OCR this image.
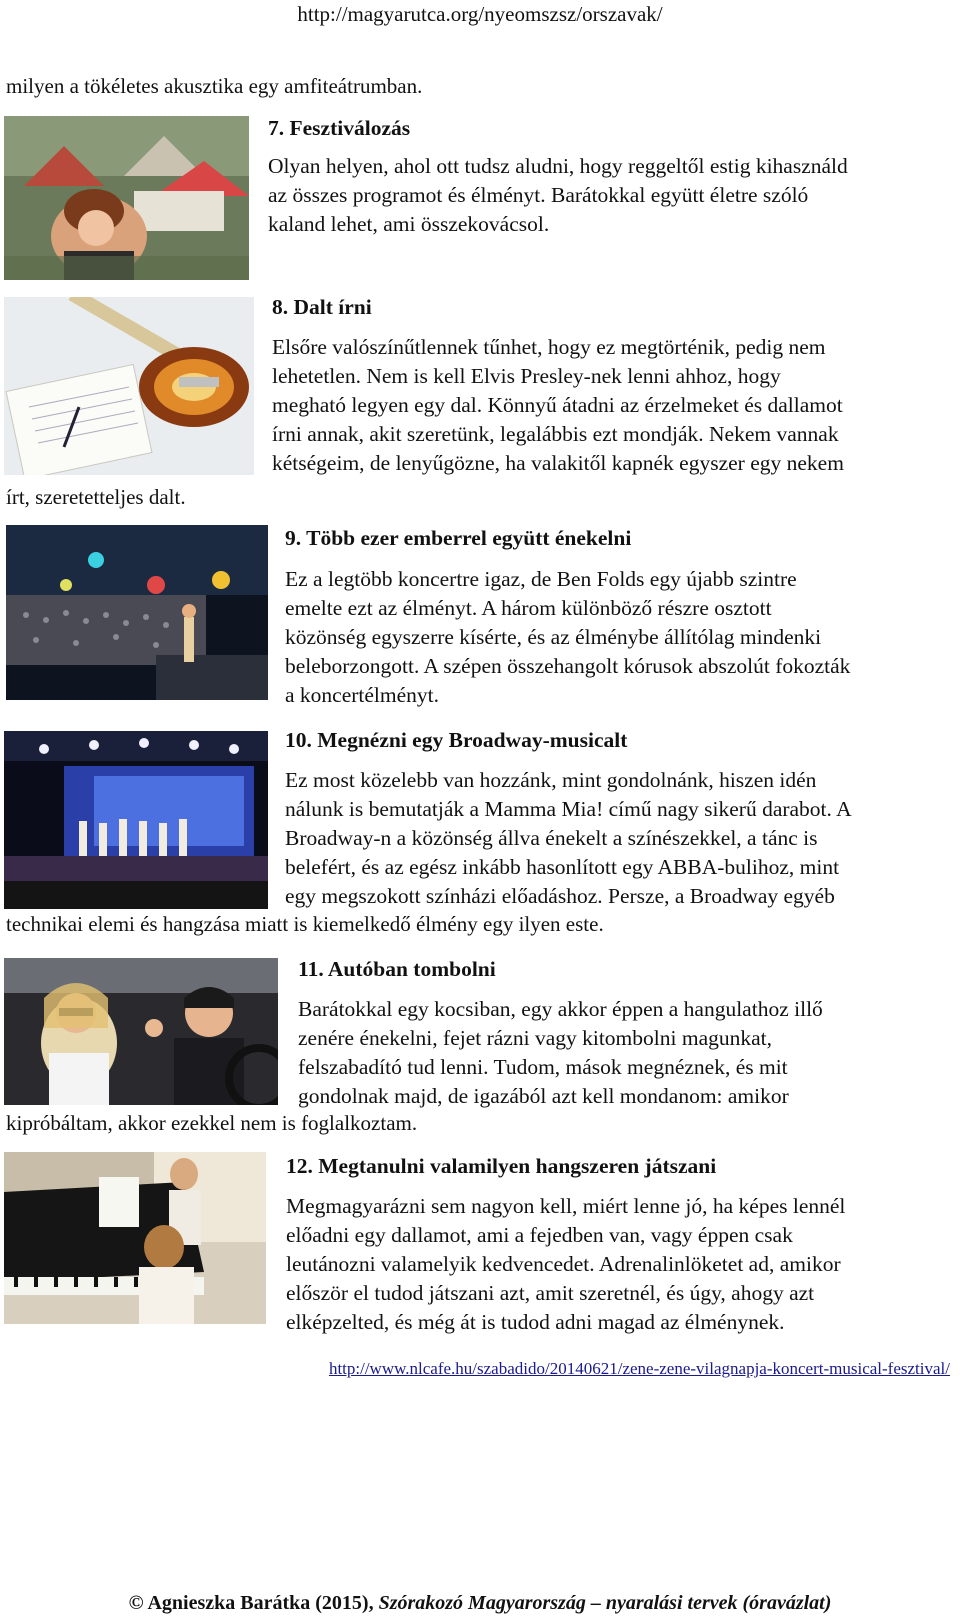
http://magyarutca.org/nyeomszsz/orszavak/
milyen a tökéletes akusztika egy amfiteátrumban.
7. Fesztiválozás
Olyan helyen, ahol ott tudsz aludni, hogy reggeltől estig kihasználd
az összes programot és élményt. Barátokkal együtt életre szóló
kaland lehet, ami összekovácsol.
8. Dalt írni
Elsőre valószínűtlennek tűnhet, hogy ez megtörténik, pedig nem
lehetetlen. Nem is kell Elvis Presley-nek lenni ahhoz, hogy
megható legyen egy dal. Könnyű átadni az érzelmeket és dallamot
írni annak, akit szeretünk, legalábbis ezt mondják. Nekem vannak
kétségeim, de lenyűgözne, ha valakitől kapnék egyszer egy nekem
írt, szeretetteljes dalt.
9. Több ezer emberrel együtt énekelni
Ez a legtöbb koncertre igaz, de Ben Folds egy újabb szintre
emelte ezt az élményt. A három különböző részre osztott
közönség egyszerre kísérte, és az élménybe állítólag mindenki
beleborzongott. A szépen összehangolt kórusok abszolút fokozták
a koncertélményt.
10. Megnézni egy Broadway-musicalt
Ez most közelebb van hozzánk, mint gondolnánk, hiszen idén
nálunk is bemutatják a Mamma Mia! című nagy sikerű darabot. A
Broadway-n a közönség állva énekelt a színészekkel, a tánc is
belefért, és az egész inkább hasonlított egy ABBA-bulihoz, mint
egy megszokott színházi előadáshoz. Persze, a Broadway egyéb
technikai elemi és hangzása miatt is kiemelkedő élmény egy ilyen este.
11. Autóban tombolni
Barátokkal egy kocsiban, egy akkor éppen a hangulathoz illő
zenére énekelni, fejet rázni vagy kitombolni magunkat,
felszabadító tud lenni. Tudom, mások megnéznek, és mit
gondolnak majd, de igazából azt kell mondanom: amikor
kipróbáltam, akkor ezekkel nem is foglalkoztam.
12. Megtanulni valamilyen hangszeren játszani
Megmagyarázni sem nagyon kell, miért lenne jó, ha képes lennél
előadni egy dallamot, ami a fejedben van, vagy éppen csak
leutánozni valamelyik kedvencedet. Adrenalinlöketet ad, amikor
először el tudod játszani azt, amit szeretnél, és úgy, ahogy azt
elképzelted, és még át is tudod adni magad az élménynek.
http://www.nlcafe.hu/szabadido/20140621/zene-zene-vilagnapja-koncert-musical-fesztival/
© Agnieszka Barátka (2015), Szórakozó Magyarország – nyaralási tervek (óravázlat)
